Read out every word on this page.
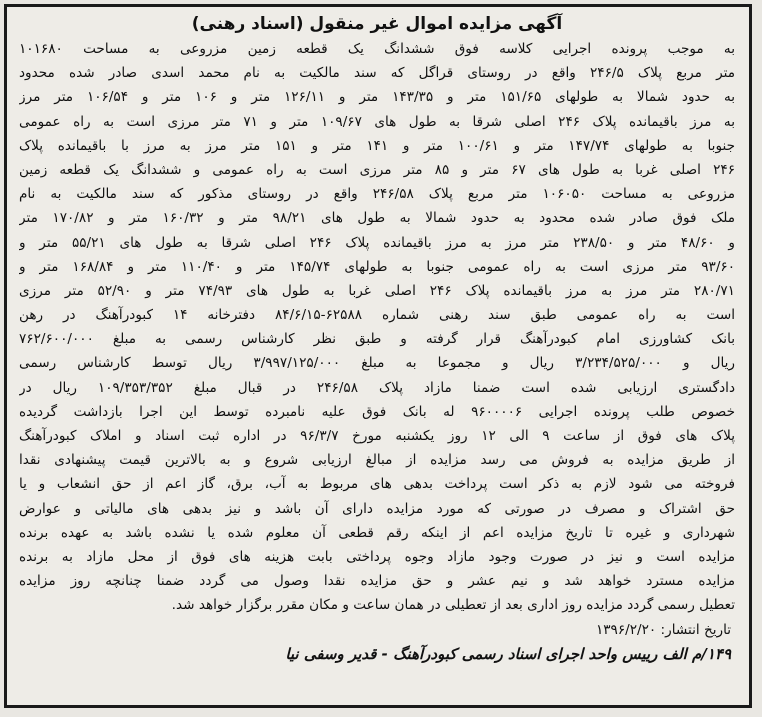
آگهی مزایده اموال غیر منقول (اسناد رهنی)
به موجب پرونده اجرایی کلاسه فوق ششدانگ یک قطعه زمین مزروعی به مساحت ۱۰۱۶۸۰
متر مربع پلاک ۲۴۶/۵ واقع در روستای قراگل که سند مالکیت به نام محمد اسدی صادر شده محدود
به حدود شمالا به طولهای ۱۵۱/۶۵ متر و ۱۴۳/۳۵ متر و ۱۲۶/۱۱ متر و ۱۰۶ متر و ۱۰۶/۵۴ متر مرز
به مرز باقیمانده پلاک ۲۴۶ اصلی شرقا به طول های ۱۰۹/۶۷ متر و ۷۱ متر مرزی است به راه عمومی
جنوبا به طولهای ۱۴۷/۷۴ متر و ۱۰۰/۶۱ متر و ۱۴۱ متر و ۱۵۱ متر مرز به مرز با باقیمانده پلاک
۲۴۶ اصلی غربا به طول های ۶۷ متر و ۸۵ متر مرزی است به راه عمومی و ششدانگ یک قطعه زمین
مزروعی به مساحت ۱۰۶۰۵۰ متر مربع پلاک ۲۴۶/۵۸ واقع در روستای مذکور که سند مالکیت به نام
ملک فوق صادر شده محدود به حدود شمالا به طول های ۹۸/۲۱ متر و ۱۶۰/۳۲ متر و ۱۷۰/۸۲ متر
و ۴۸/۶۰ متر و ۲۳۸/۵۰ متر مرز به مرز باقیمانده پلاک ۲۴۶ اصلی شرقا به طول های ۵۵/۲۱ متر و
۹۳/۶۰ متر مرزی است به راه عمومی جنوبا به طولهای ۱۴۵/۷۴ متر و ۱۱۰/۴۰ متر و ۱۶۸/۸۴ متر و
۲۸۰/۷۱ متر مرز به مرز باقیمانده پلاک ۲۴۶ اصلی غربا به طول های ۷۴/۹۳ متر و ۵۲/۹۰ متر مرزی
است به راه عمومی طبق سند رهنی شماره ۶۲۵۸۸-۸۴/۶/۱۵ دفترخانه ۱۴ کبودرآهنگ در رهن
بانک کشاورزی امام کبودرآهنگ قرار گرفته و طبق نظر کارشناس رسمی به مبلغ ۷۶۲/۶۰۰/۰۰۰
ریال و ۳/۲۳۴/۵۲۵/۰۰۰ ریال و مجموعا به مبلغ ۳/۹۹۷/۱۲۵/۰۰۰ ریال توسط کارشناس رسمی
دادگستری ارزیابی شده است ضمنا مازاد پلاک ۲۴۶/۵۸ در قبال مبلغ ۱۰۹/۳۵۳/۳۵۲ ریال در
خصوص طلب پرونده اجرایی ۹۶۰۰۰۰۶ له بانک فوق علیه نامبرده توسط این اجرا بازداشت گردیده
پلاک های فوق از ساعت ۹ الی ۱۲ روز یکشنبه مورخ ۹۶/۳/۷ در اداره ثبت اسناد و املاک کبودرآهنگ
از طریق مزایده به فروش می رسد مزایده از مبالغ ارزیابی شروع و به بالاترین قیمت پیشنهادی نقدا
فروخته می شود لازم به ذکر است پرداخت بدهی های مربوط به آب، برق، گاز اعم از حق انشعاب و یا
حق اشتراک و مصرف در صورتی که مورد مزایده دارای آن باشد و نیز بدهی های مالیاتی و عوارض
شهرداری و غیره تا تاریخ مزایده اعم از اینکه رقم قطعی آن معلوم شده یا نشده باشد به عهده برنده
مزایده است و نیز در صورت وجود مازاد وجوه پرداختی بابت هزینه های فوق از محل مازاد به برنده
مزایده مسترد خواهد شد و نیم عشر و حق مزایده نقدا وصول می گردد ضمنا چنانچه روز مزایده
تعطیل رسمی گردد مزایده روز اداری بعد از تعطیلی در همان ساعت و مکان مقرر برگزار خواهد شد.
تاریخ انتشار: ۱۳۹۶/۲/۲۰
۱۴۹/م الف رییس واحد اجرای اسناد رسمی کبودرآهنگ - قدیر وسفی نیا
